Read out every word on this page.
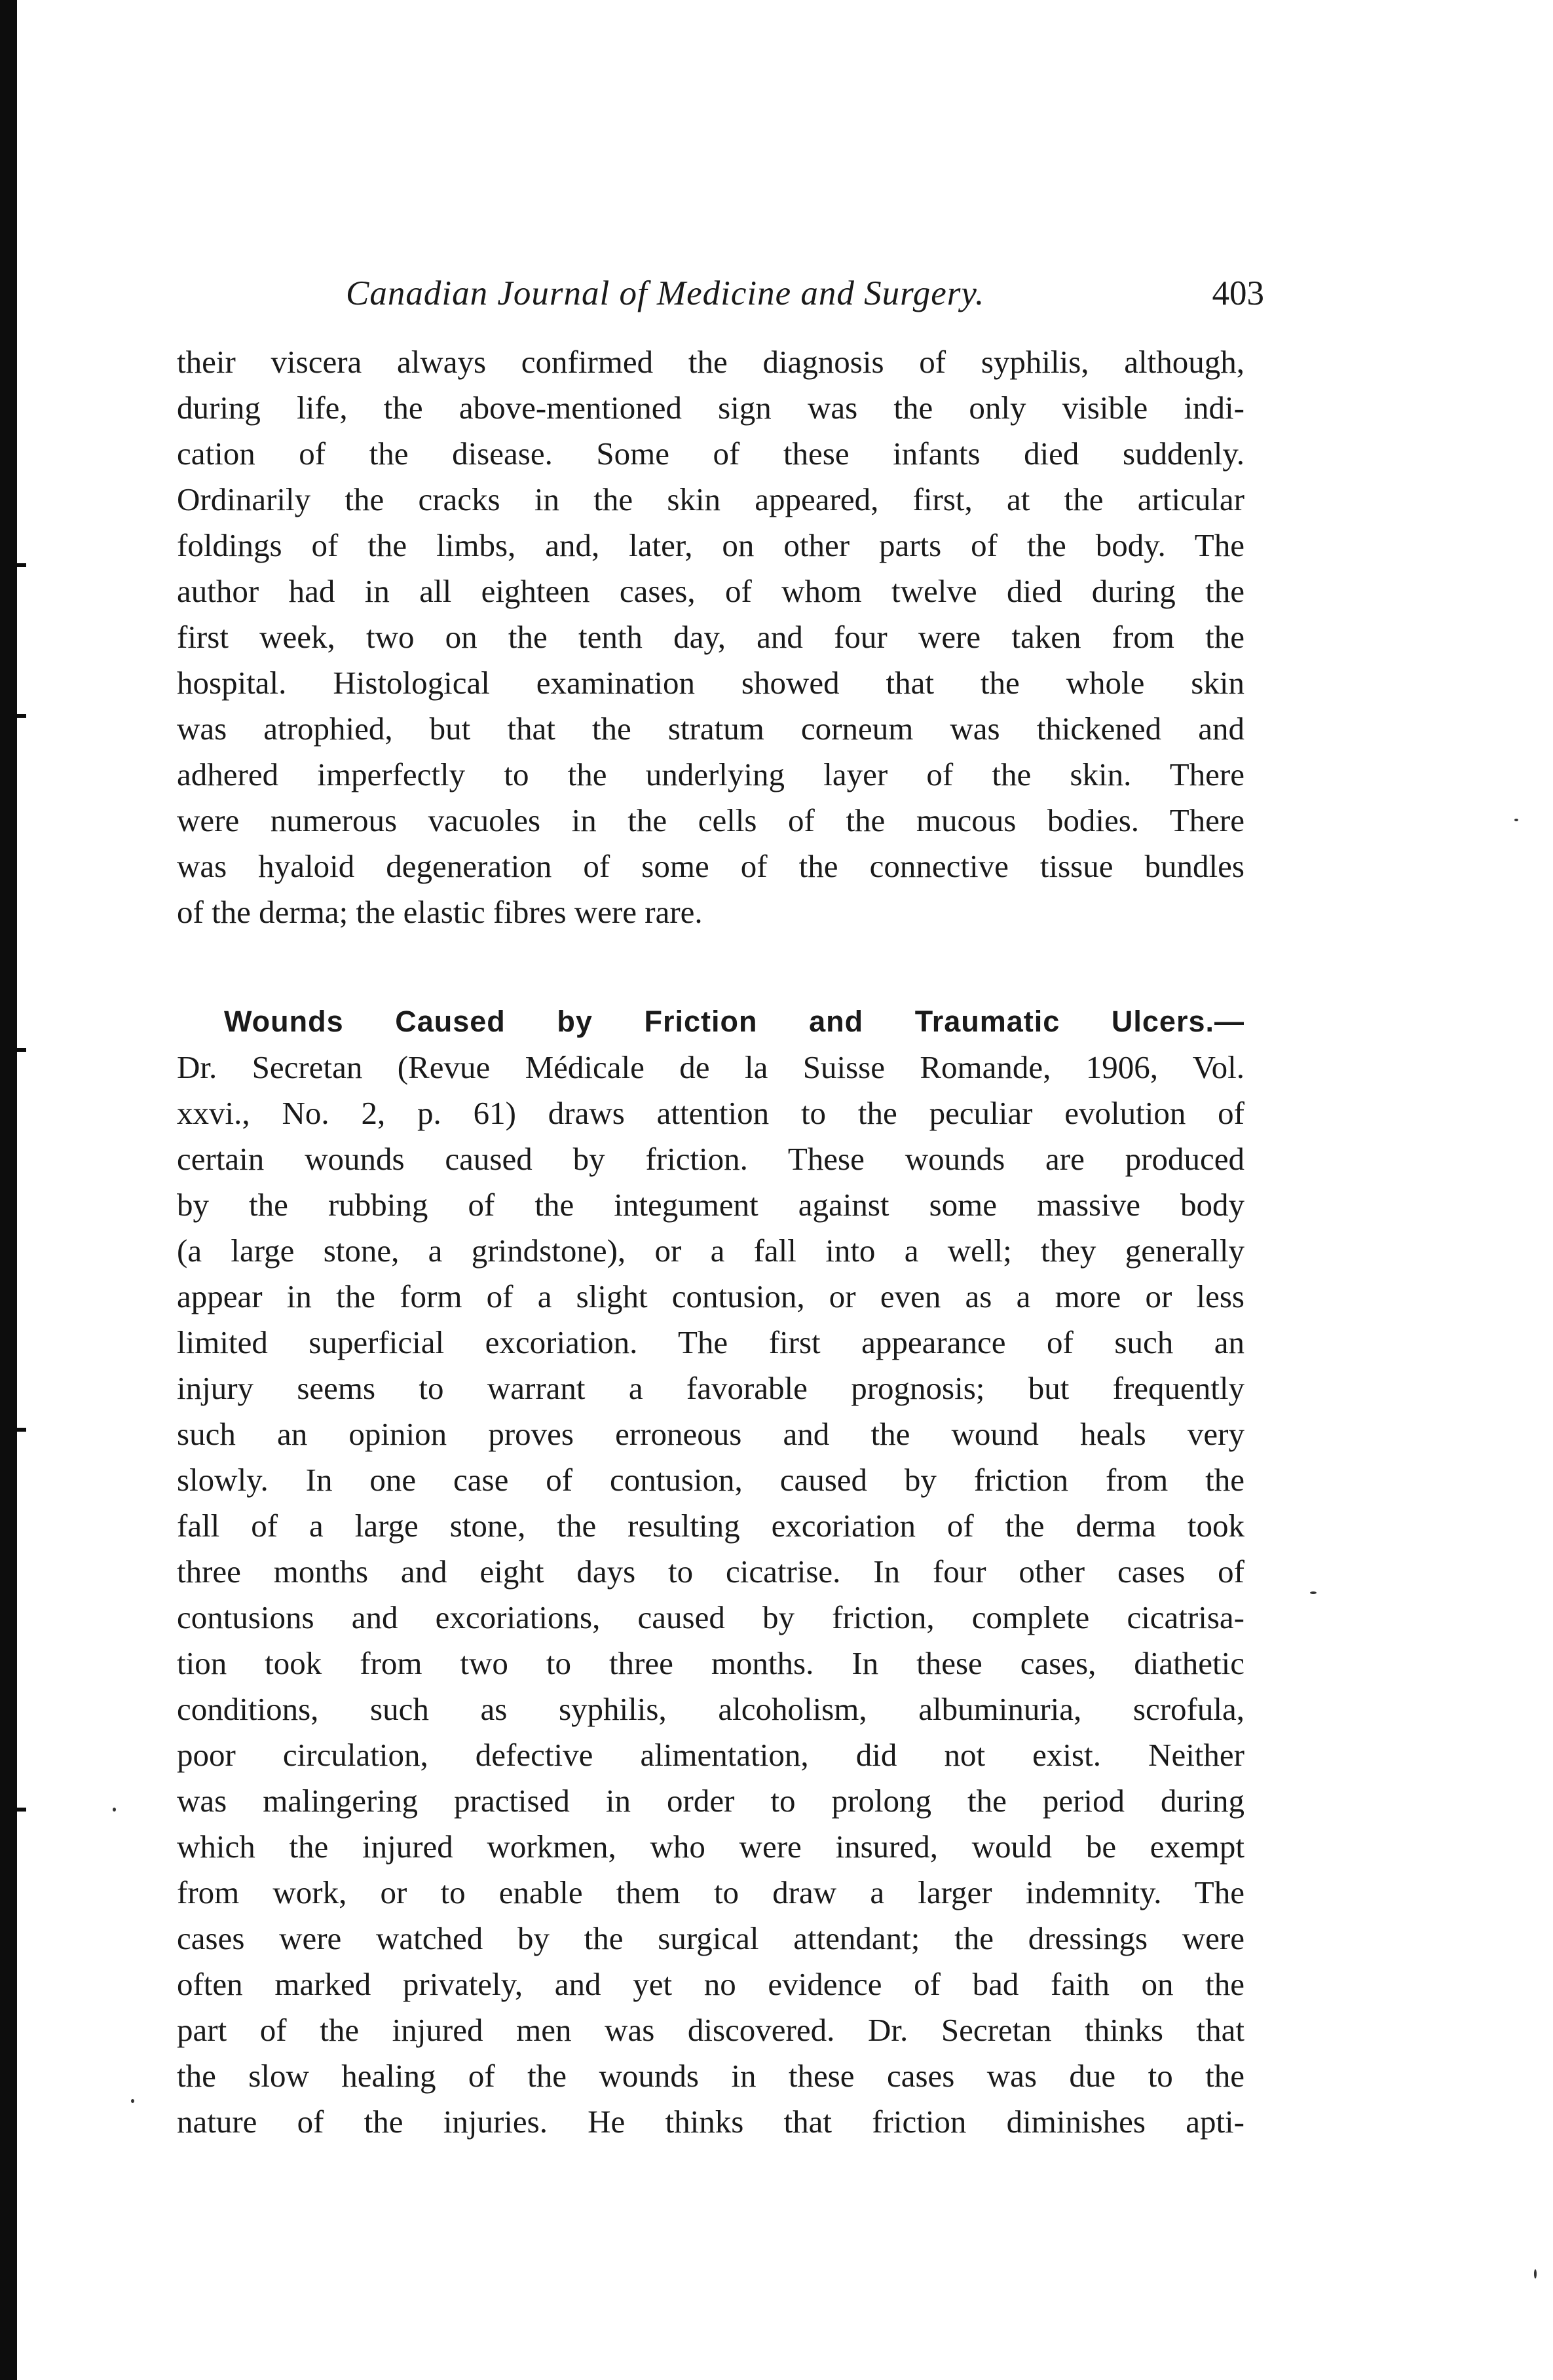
Canadian Journal of Medicine and Surgery.	403
their viscera always confirmed the diagnosis of syphilis, although,
during life, the above-mentioned sign was the only visible indi-
cation of the disease. Some of these infants died suddenly.
Ordinarily the cracks in the skin appeared, first, at the articular
foldings of the limbs, and, later, on other parts of the body. The
author had in all eighteen cases, of whom twelve died during the
first week, two on the tenth day, and four were taken from the
hospital. Histological examination showed that the whole skin
was atrophied, but that the stratum corneum was thickened and
adhered imperfectly to the underlying layer of the skin. There
were numerous vacuoles in the cells of the mucous bodies. There
was hyaloid degeneration of some of the connective tissue bundles
of the derma; the elastic fibres were rare.
Wounds Caused by Friction and Traumatic Ulcers.—
Dr. Secretan (Revue Médicale de la Suisse Romande, 1906, Vol.
xxvi., No. 2, p. 61) draws attention to the peculiar evolution of
certain wounds caused by friction. These wounds are produced
by the rubbing of the integument against some massive body
(a large stone, a grindstone), or a fall into a well; they generally
appear in the form of a slight contusion, or even as a more or less
limited superficial excoriation. The first appearance of such an
injury seems to warrant a favorable prognosis; but frequently
such an opinion proves erroneous and the wound heals very
slowly. In one case of contusion, caused by friction from the
fall of a large stone, the resulting excoriation of the derma took
three months and eight days to cicatrise. In four other cases of
contusions and excoriations, caused by friction, complete cicatrisa-
tion took from two to three months. In these cases, diathetic
conditions, such as syphilis, alcoholism, albuminuria, scrofula,
poor circulation, defective alimentation, did not exist. Neither
was malingering practised in order to prolong the period during
which the injured workmen, who were insured, would be exempt
from work, or to enable them to draw a larger indemnity. The
cases were watched by the surgical attendant; the dressings were
often marked privately, and yet no evidence of bad faith on the
part of the injured men was discovered. Dr. Secretan thinks that
the slow healing of the wounds in these cases was due to the
nature of the injuries. He thinks that friction diminishes apti-
